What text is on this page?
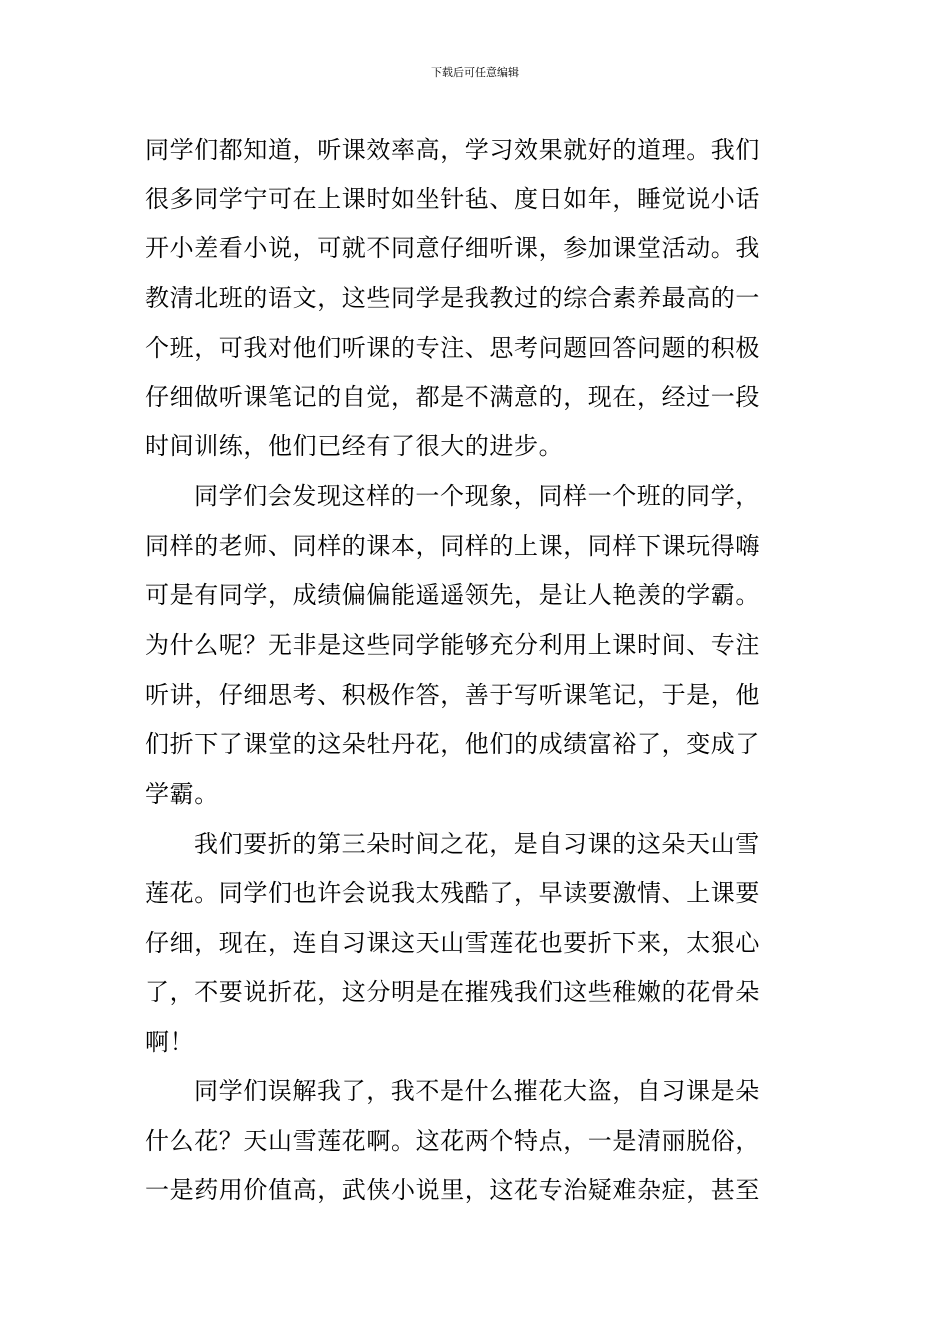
下载后可任意编辑
同学们都知道，听课效率高，学习效果就好的道理。我们
很多同学宁可在上课时如坐针毡、度日如年，睡觉说小话
开小差看小说，可就不同意仔细听课，参加课堂活动。我
教清北班的语文，这些同学是我教过的综合素养最高的一
个班，可我对他们听课的专注、思考问题回答问题的积极
仔细做听课笔记的自觉，都是不满意的，现在，经过一段
时间训练，他们已经有了很大的进步。
同学们会发现这样的一个现象，同样一个班的同学，
同样的老师、同样的课本，同样的上课，同样下课玩得嗨
可是有同学，成绩偏偏能遥遥领先，是让人艳羡的学霸。
为什么呢？无非是这些同学能够充分利用上课时间、专注
听讲，仔细思考、积极作答，善于写听课笔记，于是，他
们折下了课堂的这朵牡丹花，他们的成绩富裕了，变成了
学霸。
我们要折的第三朵时间之花，是自习课的这朵天山雪
莲花。同学们也许会说我太残酷了，早读要激情、上课要
仔细，现在，连自习课这天山雪莲花也要折下来，太狠心
了，不要说折花，这分明是在摧残我们这些稚嫩的花骨朵
啊！
同学们误解我了，我不是什么摧花大盗，自习课是朵
什么花？天山雪莲花啊。这花两个特点，一是清丽脱俗，
一是药用价值高，武侠小说里，这花专治疑难杂症，甚至
